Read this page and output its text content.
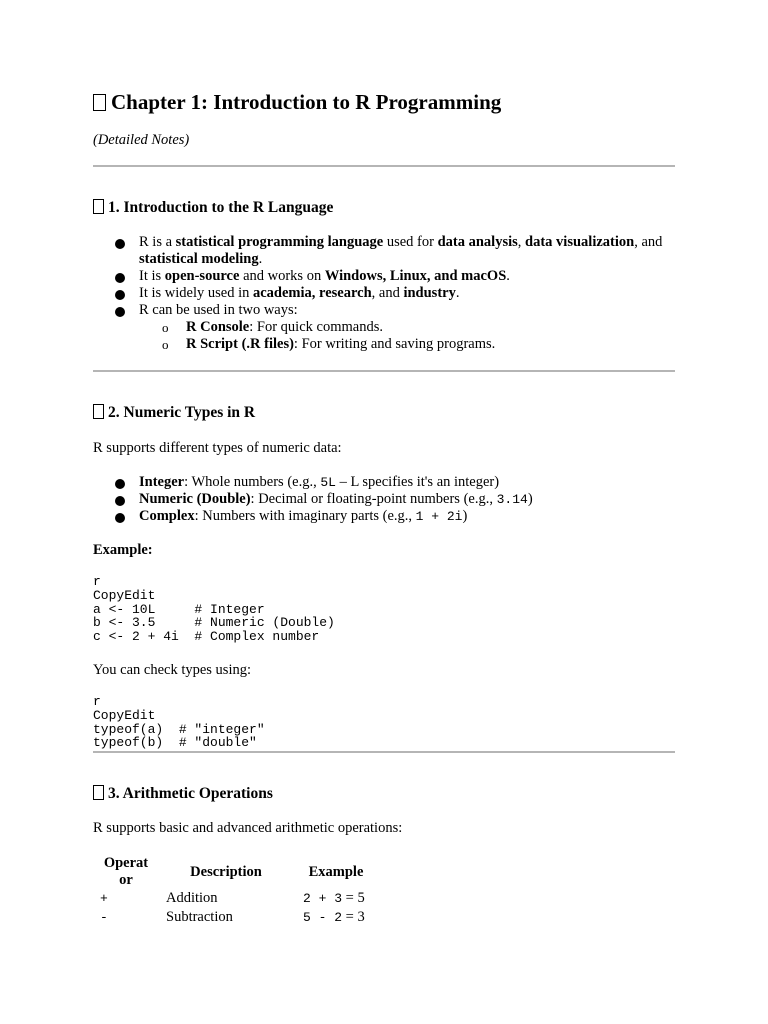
Chapter 1: Introduction to R Programming
(Detailed Notes)
1. Introduction to the R Language
R is a statistical programming language used for data analysis, data visualization, and statistical modeling.
It is open-source and works on Windows, Linux, and macOS.
It is widely used in academia, research, and industry.
R can be used in two ways:
o R Console: For quick commands.
o R Script (.R files): For writing and saving programs.
2. Numeric Types in R
R supports different types of numeric data:
Integer: Whole numbers (e.g., 5L – L specifies it's an integer)
Numeric (Double): Decimal or floating-point numbers (e.g., 3.14)
Complex: Numbers with imaginary parts (e.g., 1 + 2i)
Example:
r
CopyEdit
a <- 10L     # Integer
b <- 3.5     # Numeric (Double)
c <- 2 + 4i  # Complex number
You can check types using:
r
CopyEdit
typeof(a)  # "integer"
typeof(b)  # "double"
3. Arithmetic Operations
R supports basic and advanced arithmetic operations:
Operat
or	Description	Example
+	Addition	2 + 3 = 5
-	Subtraction	5 - 2 = 3
